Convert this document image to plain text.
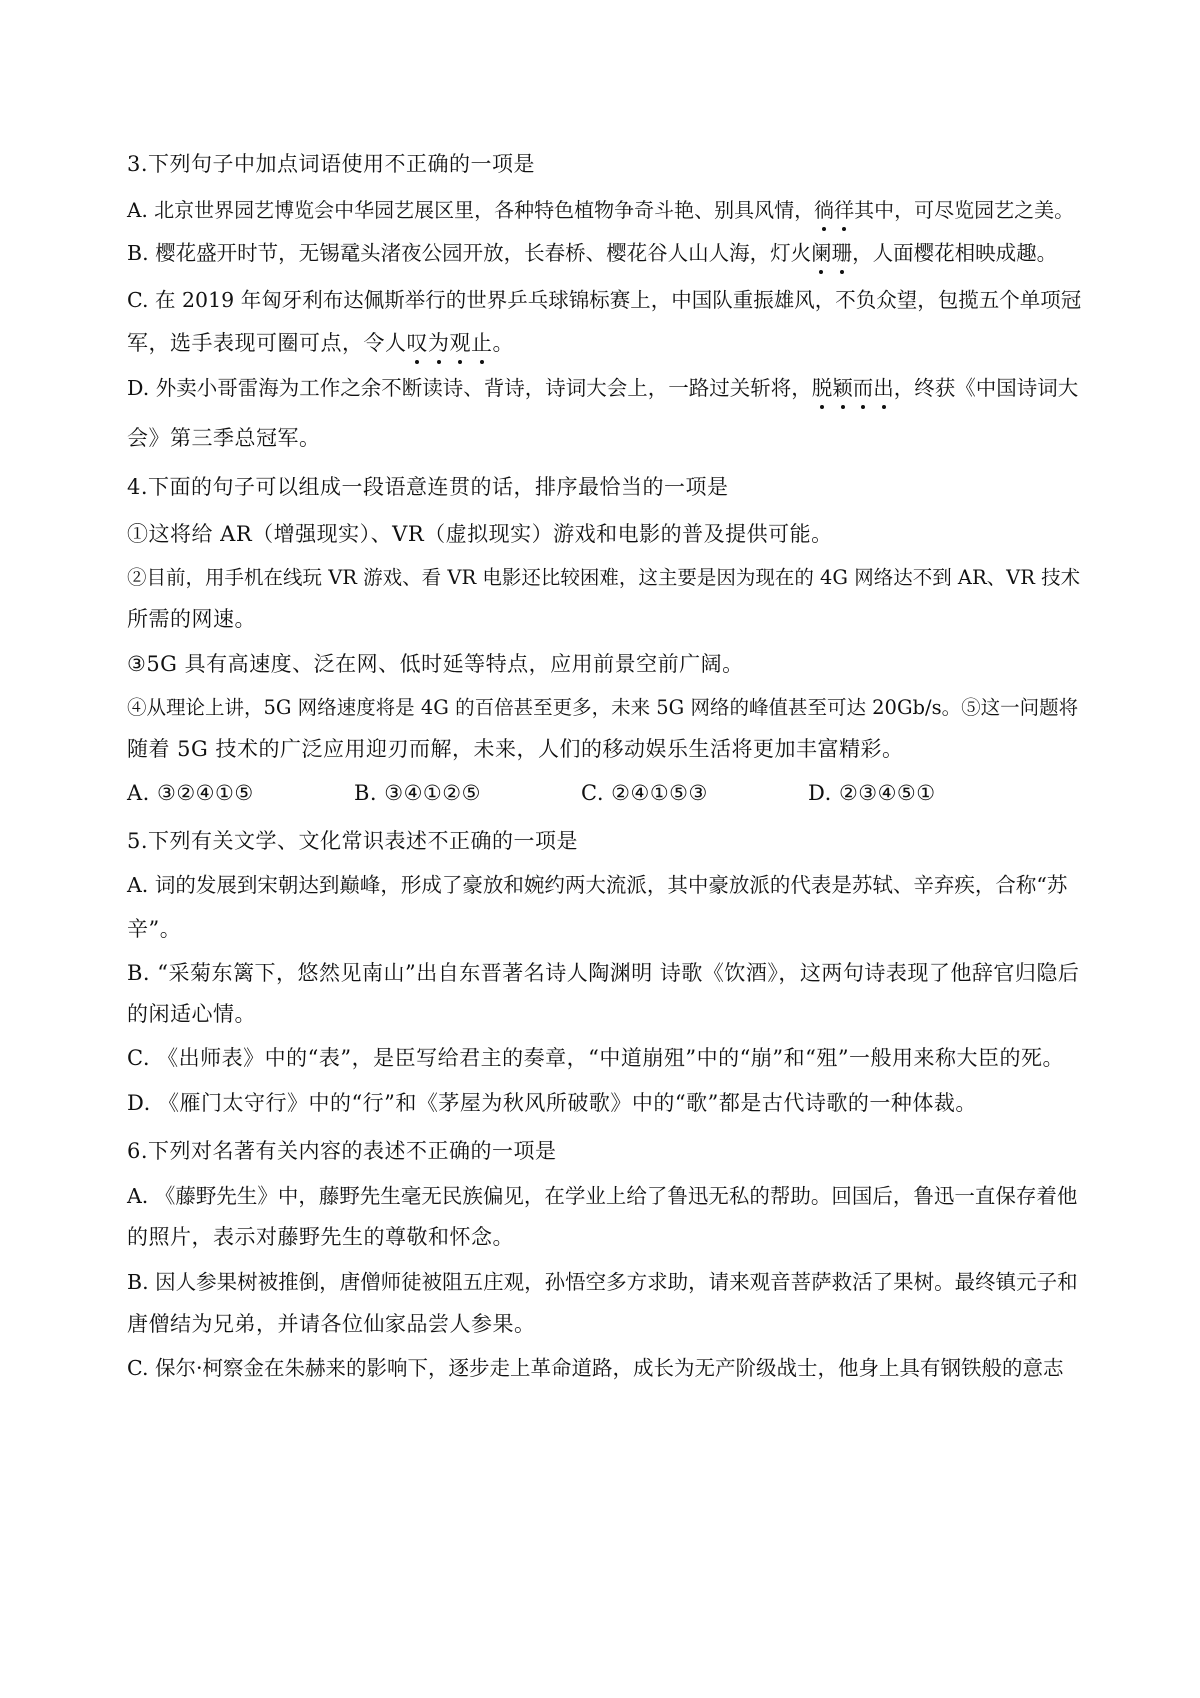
3.下列句子中加点词语使用不正确的一项是
A. 北京世界园艺博览会中华园艺展区里，各种特色植物争奇斗艳、别具风情，徜徉其中，可尽览园艺之美。
B. 樱花盛开时节，无锡鼋头渚夜公园开放，长春桥、樱花谷人山人海，灯火阑珊，人面樱花相映成趣。
C. 在 2019 年匈牙利布达佩斯举行的世界乒乓球锦标赛上，中国队重振雄风，不负众望，包揽五个单项冠
军，选手表现可圈可点，令人叹为观止。
D. 外卖小哥雷海为工作之余不断读诗、背诗，诗词大会上，一路过关斩将，脱颖而出，终获《中国诗词大
会》第三季总冠军。
4.下面的句子可以组成一段语意连贯的话，排序最恰当的一项是
①这将给 AR（增强现实）、VR（虚拟现实）游戏和电影的普及提供可能。
②目前，用手机在线玩 VR 游戏、看 VR 电影还比较困难，这主要是因为现在的 4G 网络达不到 AR、VR 技术
所需的网速。
③5G 具有高速度、泛在网、低时延等特点，应用前景空前广阔。
④从理论上讲，5G 网络速度将是 4G 的百倍甚至更多，未来 5G 网络的峰值甚至可达 20Gb/s。⑤这一问题将
随着 5G 技术的广泛应用迎刃而解，未来，人们的移动娱乐生活将更加丰富精彩。
A. ③②④①⑤	B. ③④①②⑤	C. ②④①⑤③	D. ②③④⑤①
5.下列有关文学、文化常识表述不正确的一项是
A. 词的发展到宋朝达到巅峰，形成了豪放和婉约两大流派，其中豪放派的代表是苏轼、辛弃疾，合称“苏
辛”。
B. “采菊东篱下，悠然见南山”出自东晋著名诗人陶渊明 诗歌《饮酒》，这两句诗表现了他辞官归隐后
的闲适心情。
C. 《出师表》中的“表”，是臣写给君主的奏章，“中道崩殂”中的“崩”和“殂”一般用来称大臣的死。
D. 《雁门太守行》中的“行”和《茅屋为秋风所破歌》中的“歌”都是古代诗歌的一种体裁。
6.下列对名著有关内容的表述不正确的一项是
A. 《藤野先生》中，藤野先生毫无民族偏见，在学业上给了鲁迅无私的帮助。回国后，鲁迅一直保存着他
的照片，表示对藤野先生的尊敬和怀念。
B. 因人参果树被推倒，唐僧师徒被阻五庄观，孙悟空多方求助，请来观音菩萨救活了果树。最终镇元子和
唐僧结为兄弟，并请各位仙家品尝人参果。
C. 保尔·柯察金在朱赫来的影响下，逐步走上革命道路，成长为无产阶级战士，他身上具有钢铁般的意志
